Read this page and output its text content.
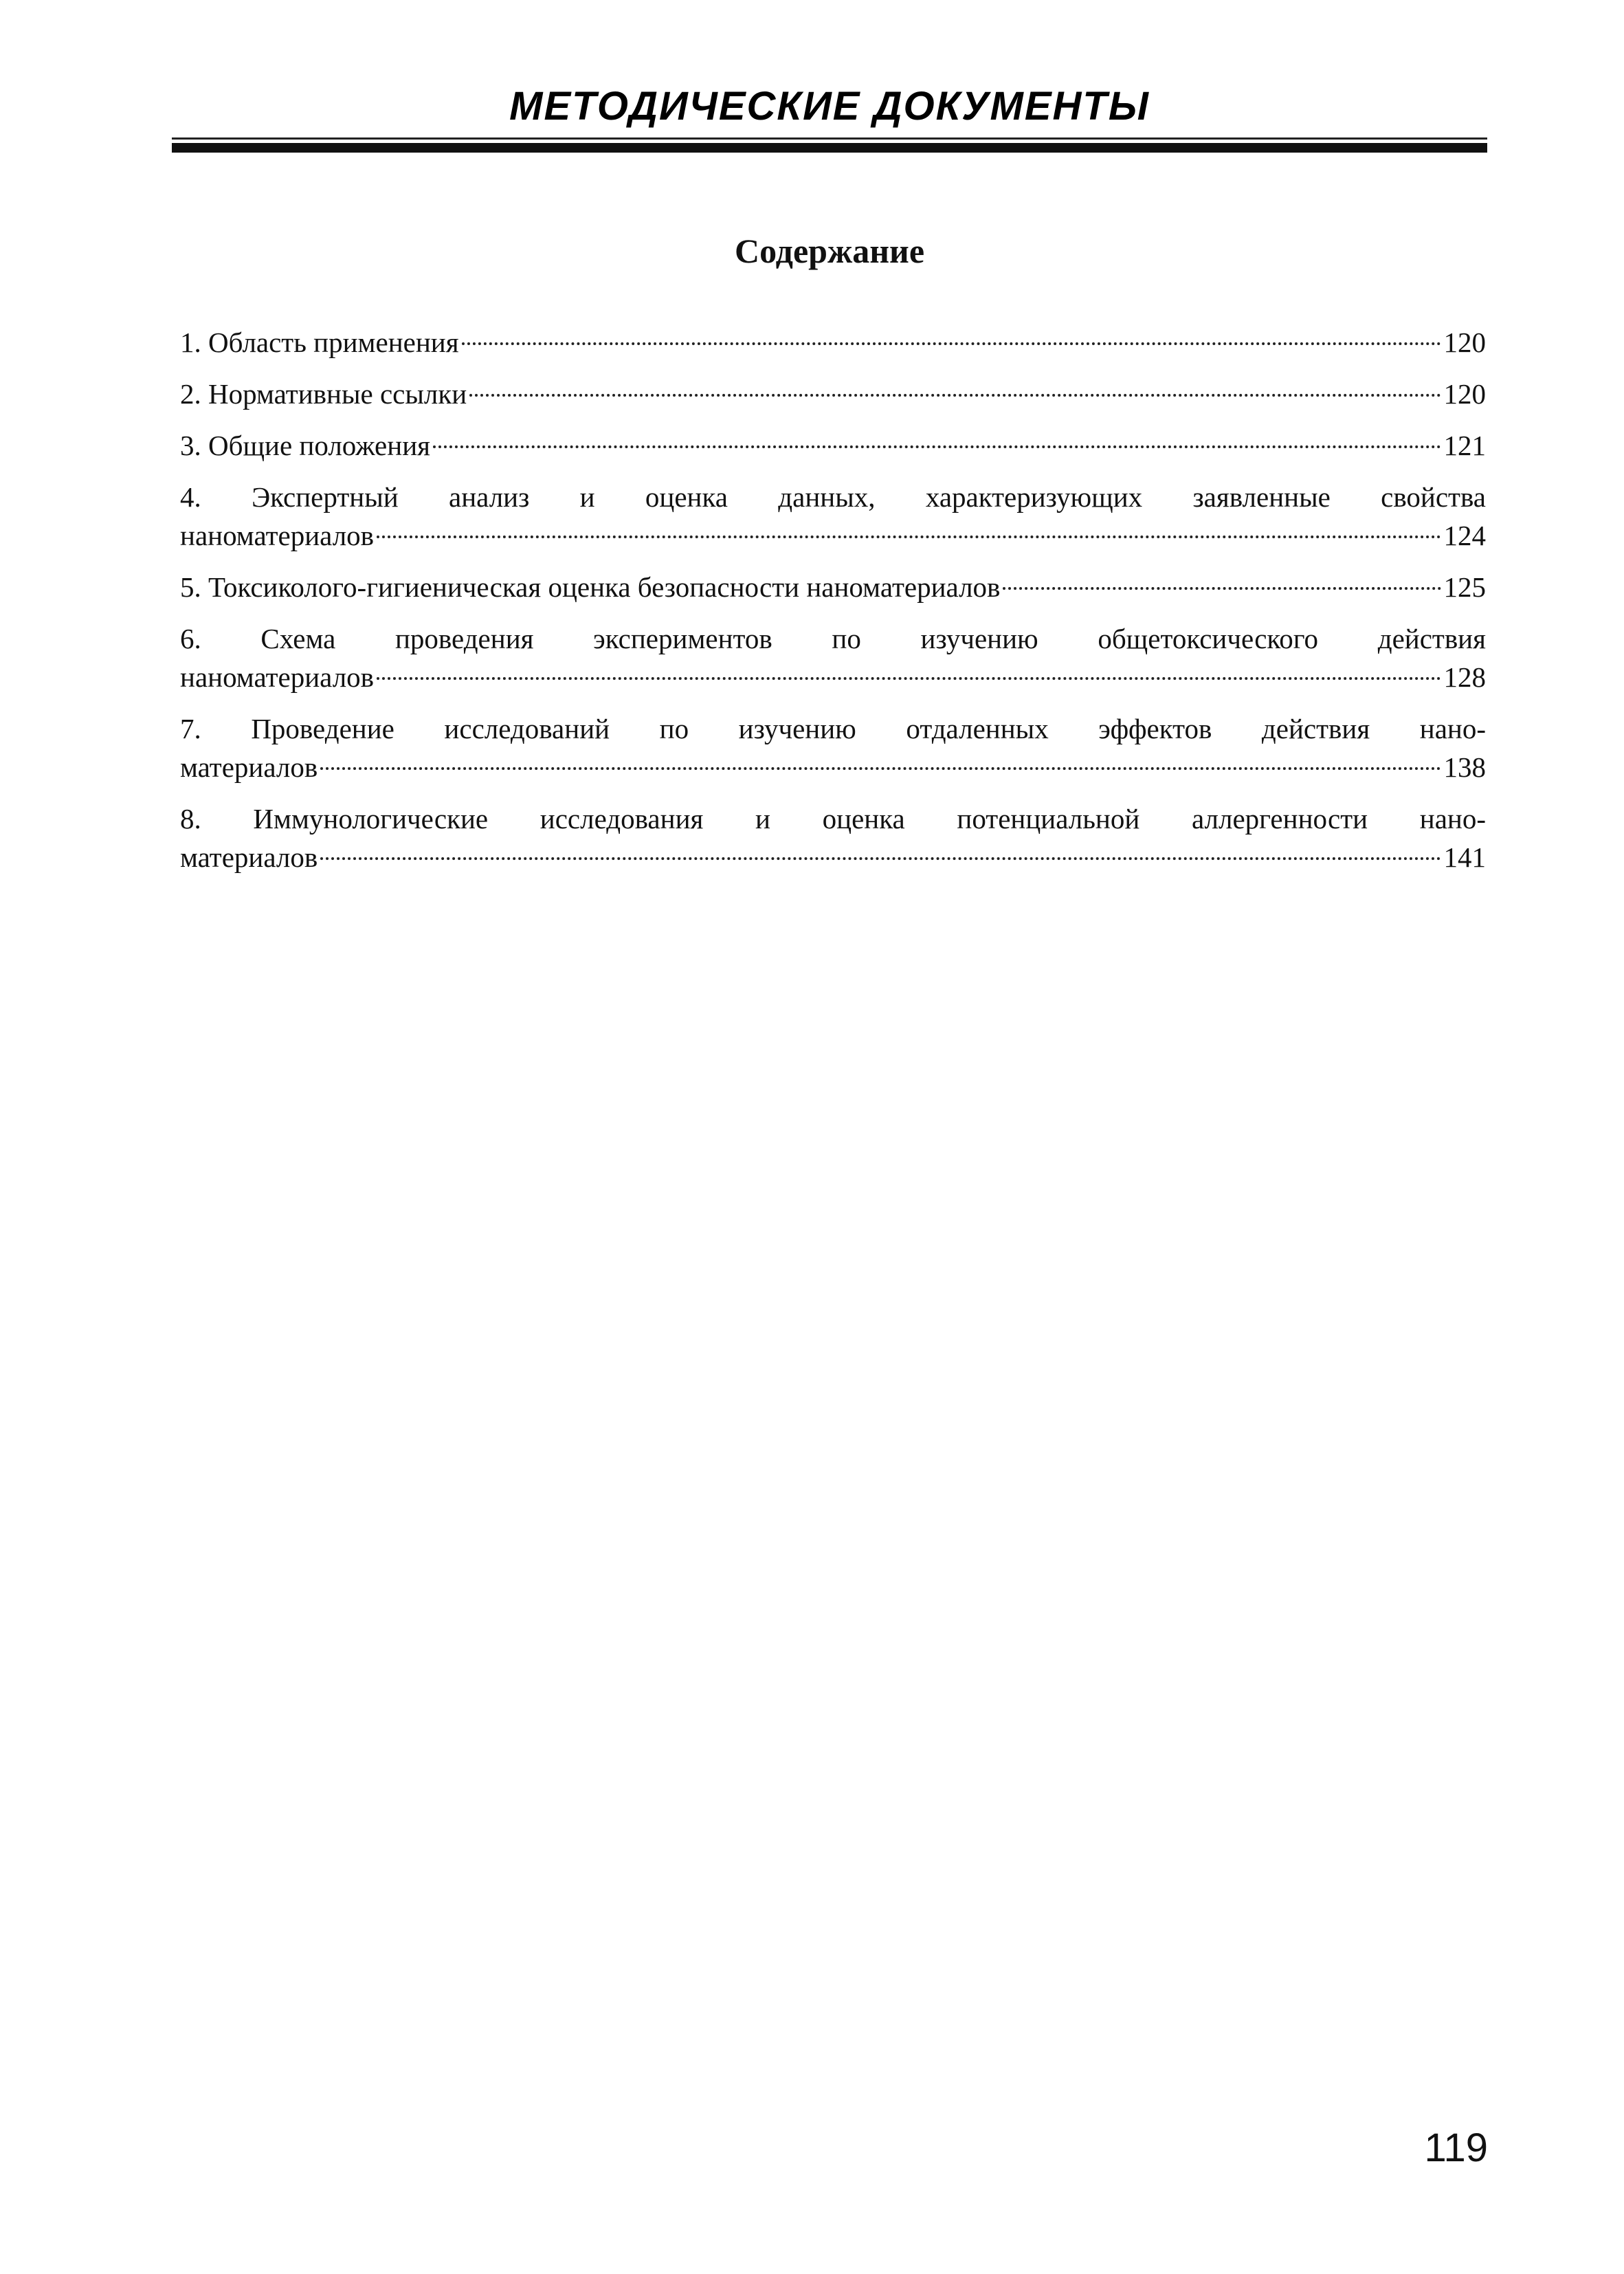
МЕТОДИЧЕСКИЕ ДОКУМЕНТЫ
Содержание
1. Область применения	120
2. Нормативные ссылки	120
3. Общие положения	121
4. Экспертный анализ и оценка данных, характеризующих заявленные свойства
наноматериалов	124
5. Токсиколого-гигиеническая оценка безопасности наноматериалов	125
6. Схема проведения экспериментов по изучению общетоксического действия
наноматериалов	128
7. Проведение исследований по изучению отдаленных эффектов действия нано-
материалов	138
8. Иммунологические исследования и оценка потенциальной аллергенности нано-
материалов	141
119
